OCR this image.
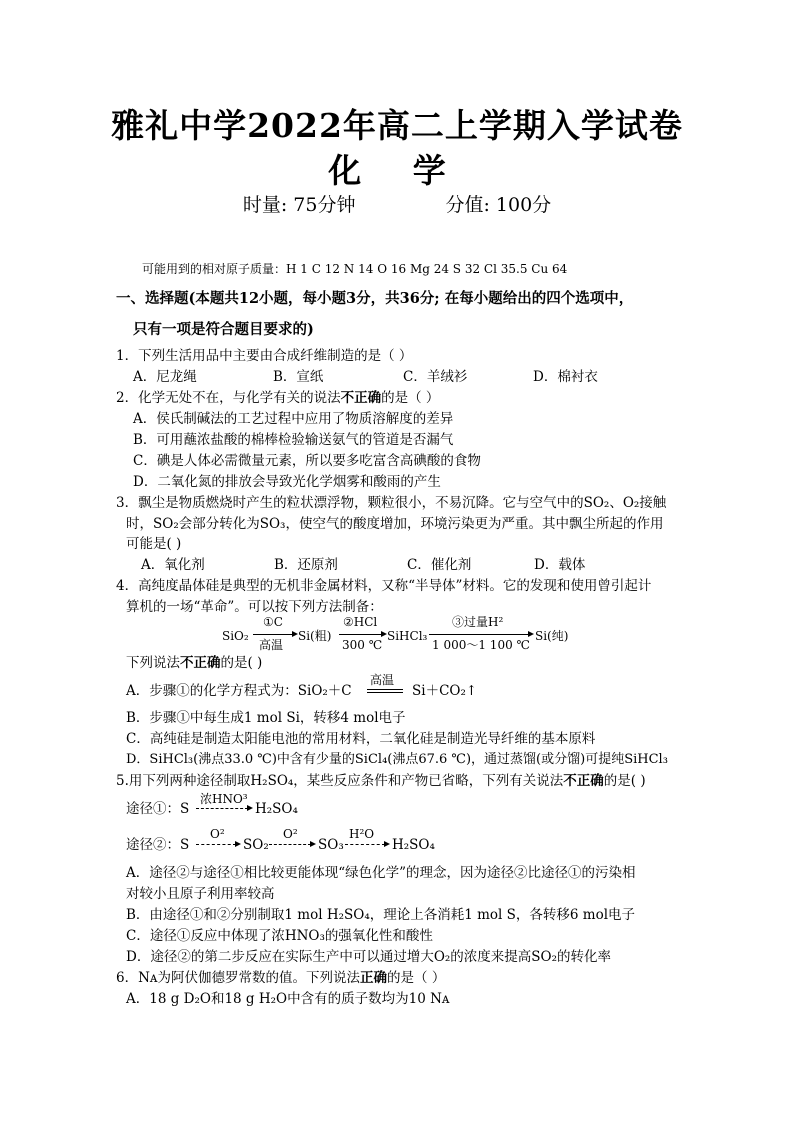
雅礼中学2022年高二上学期入学试卷
化 学
时量: 75分钟	分值: 100分
可能用到的相对原子质量：H 1 C 12 N 14 O 16 Mg 24 S 32 Cl 35.5 Cu 64
一、选择题(本题共12小题，每小题3分，共36分; 在每小题给出的四个选项中，
只有一项是符合题目要求的)
1．下列生活用品中主要由合成纤维制造的是（ ）
A．尼龙绳	B．宣纸	C．羊绒衫	D．棉衬衣
2．化学无处不在，与化学有关的说法不正确的是（ ）
A．侯氏制碱法的工艺过程中应用了物质溶解度的差异
B．可用蘸浓盐酸的棉棒检验输送氨气的管道是否漏气
C．碘是人体必需微量元素，所以要多吃富含高碘酸的食物
D．二氧化氮的排放会导致光化学烟雾和酸雨的产生
3．飘尘是物质燃烧时产生的粒状漂浮物，颗粒很小，不易沉降。它与空气中的SO₂、O₂接触
时，SO₂会部分转化为SO₃，使空气的酸度增加，环境污染更为严重。其中飘尘所起的作用
可能是( )
A．氧化剂	B．还原剂	C．催化剂	D．载体
4．高纯度晶体硅是典型的无机非金属材料，又称“半导体”材料。它的发现和使用曾引起计
算机的一场“革命”。可以按下列方法制备：
SiO₂
①C
高温
Si(粗)
②HCl
300 ℃
SiHCl₃
③过量H²
1 000～1 100 ℃
Si(纯)
下列说法不正确的是( )
A．步骤①的化学方程式为：SiO₂＋C
高温
Si＋CO₂↑
B．步骤①中每生成1 mol Si，转移4 mol电子
C．高纯硅是制造太阳能电池的常用材料，二氧化硅是制造光导纤维的基本原料
D．SiHCl₃(沸点33.0 ℃)中含有少量的SiCl₄(沸点67.6 ℃)，通过蒸馏(或分馏)可提纯SiHCl₃
5.用下列两种途径制取H₂SO₄，某些反应条件和产物已省略，下列有关说法不正确的是( )
途径①：S
浓HNO³
H₂SO₄
途径②：S
O²
SO₂
O²
SO₃
H²O
H₂SO₄
A．途径②与途径①相比较更能体现“绿色化学”的理念，因为途径②比途径①的污染相
对较小且原子利用率较高
B．由途径①和②分别制取1 mol H₂SO₄，理论上各消耗1 mol S，各转移6 mol电子
C．途径①反应中体现了浓HNO₃的强氧化性和酸性
D．途径②的第二步反应在实际生产中可以通过增大O₂的浓度来提高SO₂的转化率
6．Nᴀ为阿伏伽德罗常数的值。下列说法正确的是（ ）
A．18 g D₂O和18 g H₂O中含有的质子数均为10 Nᴀ
